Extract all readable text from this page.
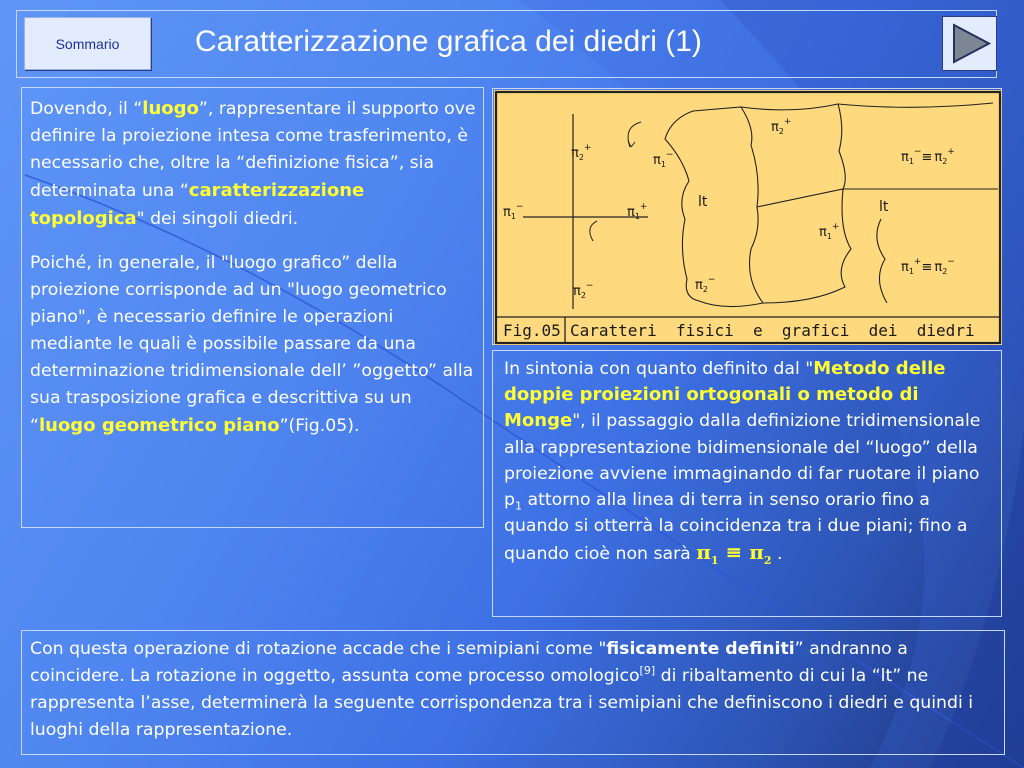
Sommario	Caratterizzazione grafica dei diedri (1)

Dovendo, il “luogo”, rappresentare il supporto ove definire la proiezione intesa come trasferimento, è necessario che, oltre la “definizione fisica”, sia determinata una “caratterizzazione topologica" dei singoli diedri.

Poiché, in generale, il "luogo grafico” della proiezione corrisponde ad un "luogo geometrico piano", è necessario definire le operazioni mediante le quali è possibile passare da una determinazione tridimensionale dell’ ”oggetto” alla sua trasposizione grafica e descrittiva su un “luogo geometrico piano”(Fig.05).

Fig.05 Caratteri  fisici  e  grafici  dei  diedri
$\pi_2^+$
$\pi_1^-$
$\pi_1^-$	$\pi_1^+$
$\pi_2^-$
lt	lt
$\pi_2^+$
$\pi_1^+$
$\pi_2^-$
$\pi_1^-\equiv \pi_2^+$
$\pi_1^+\equiv \pi_2^-$

In sintonia con quanto definito dal "Metodo delle doppie proiezioni ortogonali o metodo di Monge", il passaggio dalla definizione tridimensionale alla rappresentazione bidimensionale del “luogo” della proiezione avviene immaginando di far ruotare il piano $p_1$ attorno alla linea di terra in senso orario fino a quando si otterrà la coincidenza tra i due piani; fino a quando cioè non sarà $\pi_1 \equiv \pi_2$ .

Con questa operazione di rotazione accade che i semipiani come "fisicamente definiti” andranno a coincidere. La rotazione in oggetto, assunta come processo omologico[9] di ribaltamento di cui la “lt” ne rappresenta l’asse, determinerà la seguente corrispondenza tra i semipiani che definiscono i diedri e quindi i luoghi della rappresentazione.
